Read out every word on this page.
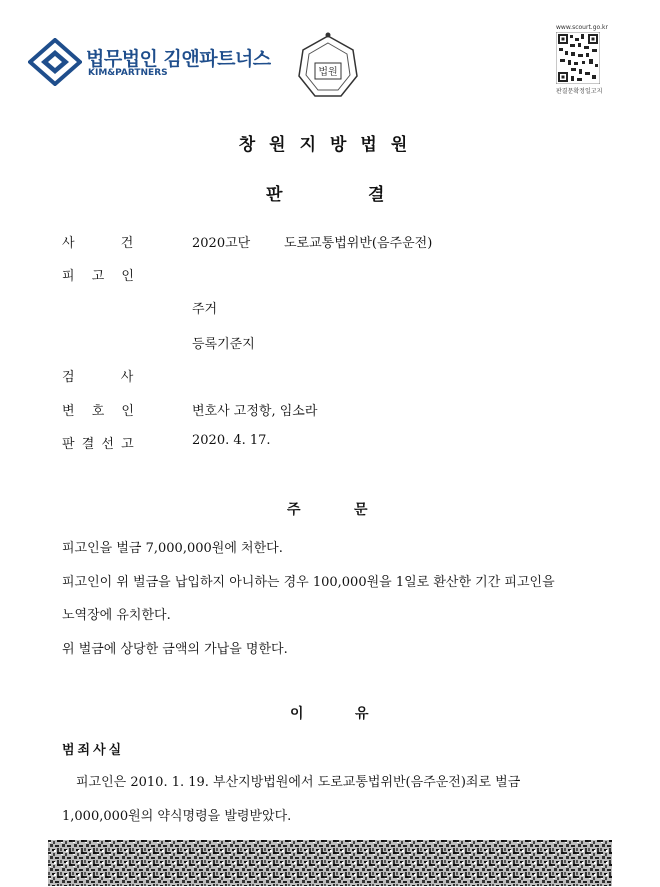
법무법인 김앤파트너스
KIM&PARTNERS	법원
www.scourt.go.kr
판결문확정일고지
창원지방법원
판	결
사	건	2020고단	도로교통법위반(음주운전)
피 고 인
주거
등록기준지
검	사
변 호 인	변호사 고정항, 임소라
판 결 선 고	2020. 4. 17.
주	문
피고인을 벌금 7,000,000원에 처한다.
피고인이 위 벌금을 납입하지 아니하는 경우 100,000원을 1일로 환산한 기간 피고인을
노역장에 유치한다.
위 벌금에 상당한 금액의 가납을 명한다.
이	유
범죄사실
피고인은 2010. 1. 19. 부산지방법원에서 도로교통법위반(음주운전)죄로 벌금
1,000,000원의 약식명령을 발령받았다.
